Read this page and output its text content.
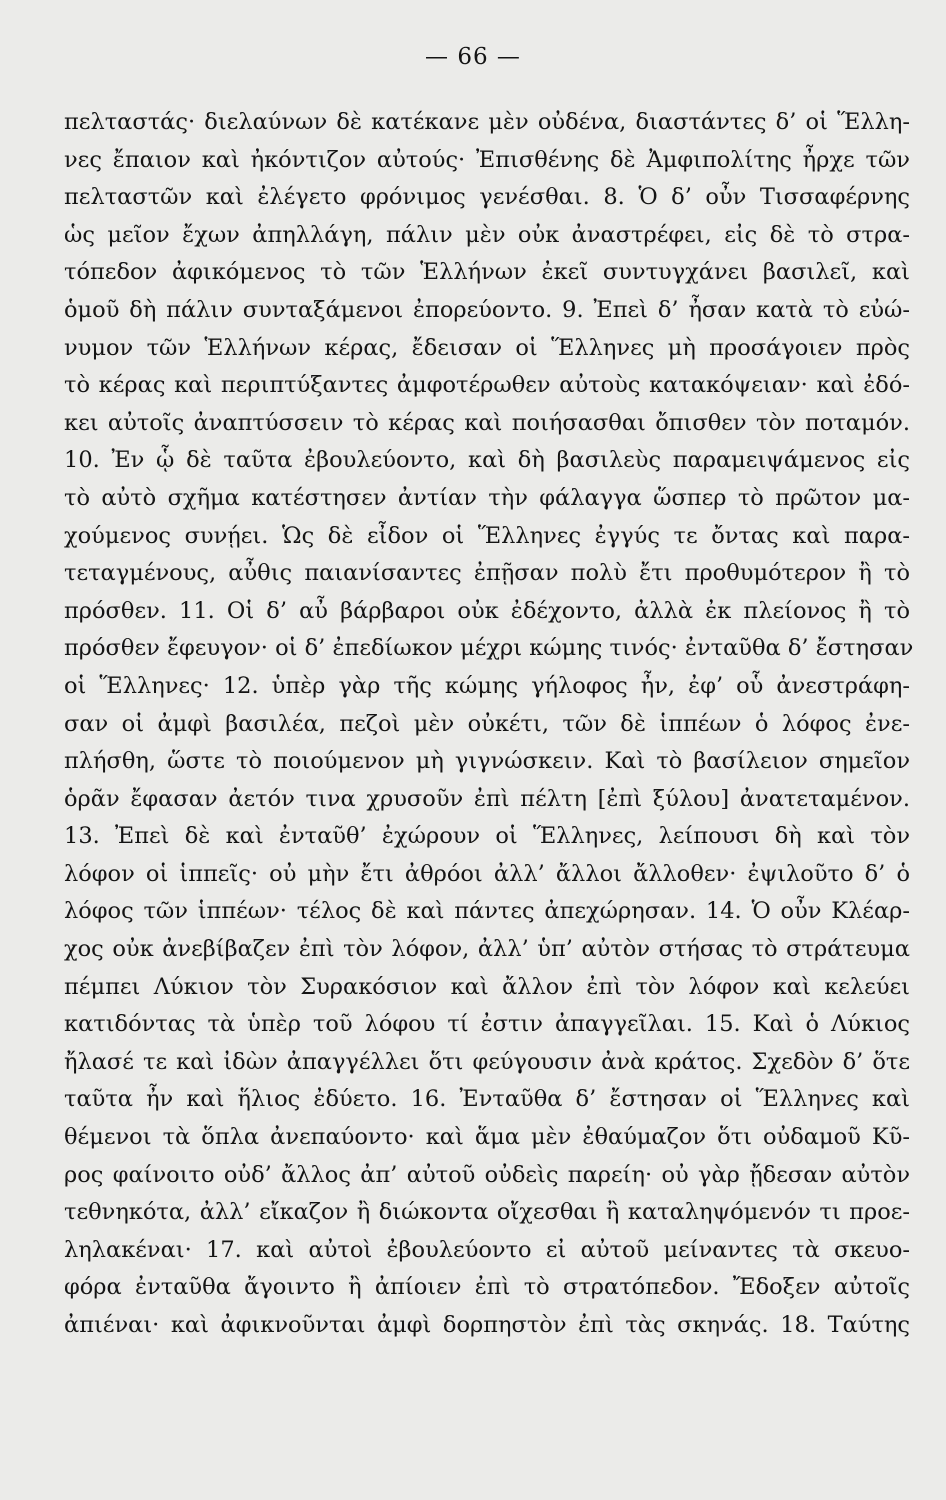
— 66 —
πελταστάς· διελαύνων δὲ κατέκανε μὲν οὐδένα, διαστάντες δ’ οἱ Ἕλλη-
νες ἔπαιον καὶ ἠκόντιζον αὐτούς· Ἐπισθένης δὲ Ἀμφιπολίτης ἦρχε τῶν
πελταστῶν καὶ ἐλέγετο φρόνιμος γενέσθαι. 8. Ὁ δ’ οὖν Τισσαφέρνης
ὡς μεῖον ἔχων ἀπηλλάγη, πάλιν μὲν οὐκ ἀναστρέφει, εἰς δὲ τὸ στρα-
τόπεδον ἀφικόμενος τὸ τῶν Ἑλλήνων ἐκεῖ συντυγχάνει βασιλεῖ, καὶ
ὁμοῦ δὴ πάλιν συνταξάμενοι ἐπορεύοντο. 9. Ἐπεὶ δ’ ἦσαν κατὰ τὸ εὐώ-
νυμον τῶν Ἑλλήνων κέρας, ἔδεισαν οἱ Ἕλληνες μὴ προσάγοιεν πρὸς
τὸ κέρας καὶ περιπτύξαντες ἀμφοτέρωθεν αὐτοὺς κατακόψειαν· καὶ ἐδό-
κει αὐτοῖς ἀναπτύσσειν τὸ κέρας καὶ ποιήσασθαι ὄπισθεν τὸν ποταμόν.
10. Ἐν ᾧ δὲ ταῦτα ἐβουλεύοντο, καὶ δὴ βασιλεὺς παραμειψάμενος εἰς
τὸ αὐτὸ σχῆμα κατέστησεν ἀντίαν τὴν φάλαγγα ὥσπερ τὸ πρῶτον μα-
χούμενος συνῄει. Ὡς δὲ εἶδον οἱ Ἕλληνες ἐγγύς τε ὄντας καὶ παρα-
τεταγμένους, αὖθις παιανίσαντες ἐπῇσαν πολὺ ἔτι προθυμότερον ἢ τὸ
πρόσθεν. 11. Οἱ δ’ αὖ βάρβαροι οὐκ ἐδέχοντο, ἀλλὰ ἐκ πλείονος ἢ τὸ
πρόσθεν ἔφευγον· οἱ δ’ ἐπεδίωκον μέχρι κώμης τινός· ἐνταῦθα δ’ ἔστησαν
οἱ Ἕλληνες· 12. ὑπὲρ γὰρ τῆς κώμης γήλοφος ἦν, ἐφ’ οὗ ἀνεστράφη-
σαν οἱ ἀμφὶ βασιλέα, πεζοὶ μὲν οὐκέτι, τῶν δὲ ἱππέων ὁ λόφος ἐνε-
πλήσθη, ὥστε τὸ ποιούμενον μὴ γιγνώσκειν. Καὶ τὸ βασίλειον σημεῖον
ὁρᾶν ἔφασαν ἀετόν τινα χρυσοῦν ἐπὶ πέλτη [ἐπὶ ξύλου] ἀνατεταμένον.
13. Ἐπεὶ δὲ καὶ ἐνταῦθ’ ἐχώρουν οἱ Ἕλληνες, λείπουσι δὴ καὶ τὸν
λόφον οἱ ἱππεῖς· οὐ μὴν ἔτι ἀθρόοι ἀλλ’ ἄλλοι ἄλλοθεν· ἐψιλοῦτο δ’ ὁ
λόφος τῶν ἱππέων· τέλος δὲ καὶ πάντες ἀπεχώρησαν. 14. Ὁ οὖν Κλέαρ-
χος οὐκ ἀνεβίβαζεν ἐπὶ τὸν λόφον, ἀλλ’ ὑπ’ αὐτὸν στήσας τὸ στράτευμα
πέμπει Λύκιον τὸν Συρακόσιον καὶ ἄλλον ἐπὶ τὸν λόφον καὶ κελεύει
κατιδόντας τὰ ὑπὲρ τοῦ λόφου τί ἐστιν ἀπαγγεῖλαι. 15. Καὶ ὁ Λύκιος
ἤλασέ τε καὶ ἰδὼν ἀπαγγέλλει ὅτι φεύγουσιν ἀνὰ κράτος. Σχεδὸν δ’ ὅτε
ταῦτα ἦν καὶ ἥλιος ἐδύετο. 16. Ἐνταῦθα δ’ ἔστησαν οἱ Ἕλληνες καὶ
θέμενοι τὰ ὅπλα ἀνεπαύοντο· καὶ ἅμα μὲν ἐθαύμαζον ὅτι οὐδαμοῦ Κῦ-
ρος φαίνοιτο οὐδ’ ἄλλος ἀπ’ αὐτοῦ οὐδεὶς παρείη· οὐ γὰρ ᾔδεσαν αὐτὸν
τεθνηκότα, ἀλλ’ εἴκαζον ἢ διώκοντα οἴχεσθαι ἢ καταληψόμενόν τι προε-
ληλακέναι· 17. καὶ αὐτοὶ ἐβουλεύοντο εἰ αὐτοῦ μείναντες τὰ σκευο-
φόρα ἐνταῦθα ἄγοιντο ἢ ἀπίοιεν ἐπὶ τὸ στρατόπεδον. Ἔδοξεν αὐτοῖς
ἀπιέναι· καὶ ἀφικνοῦνται ἀμφὶ δορπηστὸν ἐπὶ τὰς σκηνάς. 18. Ταύτης
